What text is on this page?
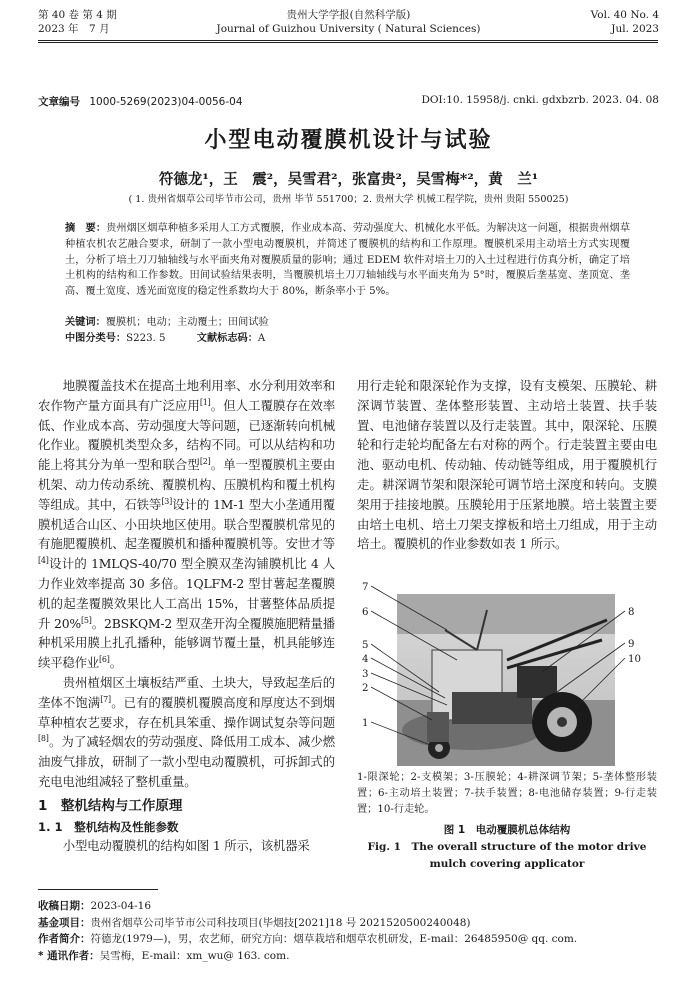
第 40 卷 第 4 期
2023 年　7 月
贵州大学学报(自然科学版)
Journal of Guizhou University ( Natural Sciences)
Vol. 40 No. 4
Jul. 2023
文章编号 1000-5269(2023)04-0056-04	DOI:10. 15958/j. cnki. gdxbzrb. 2023. 04. 08
小型电动覆膜机设计与试验
符德龙¹，王　震²，吴雪君²，张富贵²，吴雪梅*²，黄　兰¹
( 1. 贵州省烟草公司毕节市公司，贵州 毕节 551700；2. 贵州大学 机械工程学院，贵州 贵阳 550025)
摘　要：贵州烟区烟草种植多采用人工方式覆膜，作业成本高、劳动强度大、机械化水平低。为解决这一问题，根据贵州烟草种植农机农艺融合要求，研制了一款小型电动覆膜机，并简述了覆膜机的结构和工作原理。覆膜机采用主动培土方式实现覆土，分析了培土刀刀轴轴线与水平面夹角对覆膜质量的影响；通过 EDEM 软件对培土刀的入土过程进行仿真分析，确定了培土机构的结构和工作参数。田间试验结果表明，当覆膜机培土刀刀轴轴线与水平面夹角为 5°时，覆膜后垄基宽、垄顶宽、垄高、覆土宽度、透光面宽度的稳定性系数均大于 80%，断条率小于 5%。
关键词：覆膜机；电动；主动覆土；田间试验
中图分类号：S223. 5	文献标志码：A

地膜覆盖技术在提高土地利用率、水分利用效率和农作物产量方面具有广泛应用[1]。但人工覆膜存在效率低、作业成本高、劳动强度大等问题，已逐渐转向机械化作业。覆膜机类型众多，结构不同。可以从结构和功能上将其分为单一型和联合型[2]。单一型覆膜机主要由机架、动力传动系统、覆膜机构、压膜机构和覆土机构等组成。其中，石铁等[3]设计的 1M-1 型大小垄通用覆膜机适合山区、小田块地区使用。联合型覆膜机常见的有施肥覆膜机、起垄覆膜机和播种覆膜机等。安世才等[4]设计的 1MLQS-40/70 型全膜双垄沟铺膜机比 4 人力作业效率提高 30 多倍。1QLFM-2 型甘薯起垄覆膜机的起垄覆膜效果比人工高出 15%，甘薯整体品质提升 20%[5]。2BSKQM-2 型双垄开沟全覆膜施肥精量播种机采用膜上扎孔播种，能够调节覆土量，机具能够连续平稳作业[6]。

贵州植烟区土壤板结严重、土块大，导致起垄后的垄体不饱满[7]。已有的覆膜机覆膜高度和厚度达不到烟草种植农艺要求，存在机具笨重、操作调试复杂等问题[8]。为了减轻烟农的劳动强度、降低用工成本、减少燃油废气排放，研制了一款小型电动覆膜机，可拆卸式的充电电池组减轻了整机重量。

1　整机结构与工作原理
1. 1　整机结构及性能参数

小型电动覆膜机的结构如图 1 所示，该机器采

用行走轮和限深轮作为支撑，设有支模架、压膜轮、耕深调节装置、垄体整形装置、主动培土装置、扶手装置、电池储存装置以及行走装置。其中，限深轮、压膜轮和行走轮均配备左右对称的两个。行走装置主要由电池、驱动电机、传动轴、传动链等组成，用于覆膜机行走。耕深调节架和限深轮可调节培土深度和转向。支膜架用于挂接地膜。压膜轮用于压紧地膜。培土装置主要由培土电机、培土刀架支撑板和培土刀组成，用于主动培土。覆膜机的作业参数如表 1 所示。

7
6
5
4
3
2
1
8
9
10
1-限深轮；2-支模架；3-压膜轮；4-耕深调节架；5-垄体整形装置；6-主动培土装置；7-扶手装置；8-电池储存装置；9-行走装置；10-行走轮。
图 1　电动覆膜机总体结构
Fig. 1　The overall structure of the motor drive
mulch covering applicator
收稿日期：2023-04-16
基金项目：贵州省烟草公司毕节市公司科技项目(毕烟技[2021]18 号 2021520500240048)
作者简介：符德龙(1979—)，男，农艺师，研究方向：烟草栽培和烟草农机研发，E-mail：26485950@ qq. com.
* 通讯作者：吴雪梅，E-mail：xm_wu@ 163. com.
